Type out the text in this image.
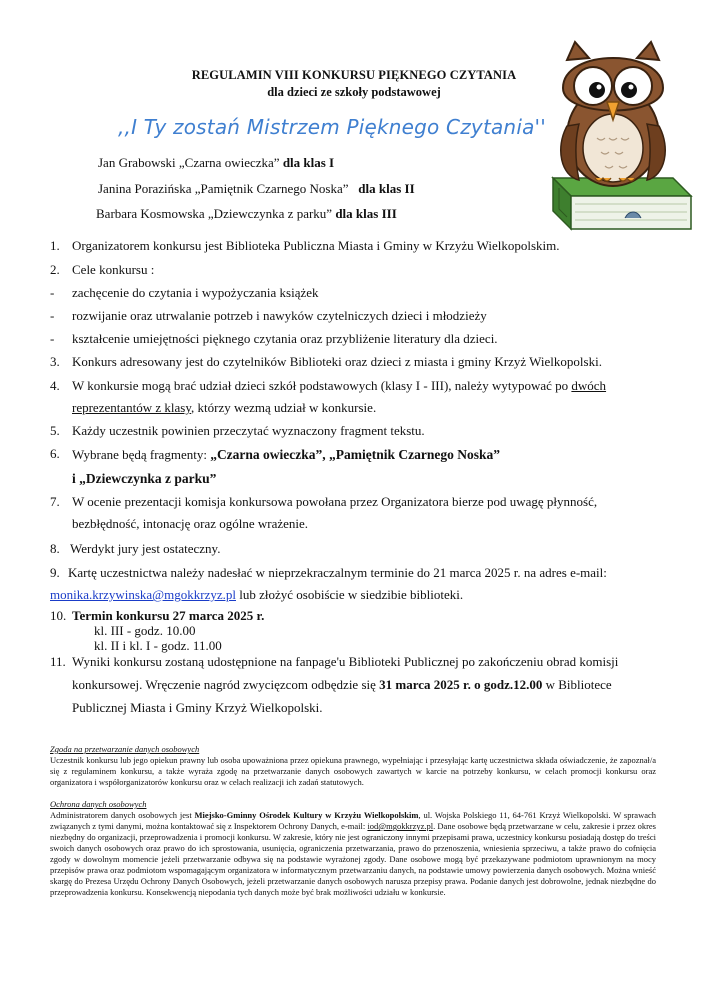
REGULAMIN VIII KONKURSU PIĘKNEGO CZYTANIA
dla dzieci ze szkoły podstawowej
,,I Ty zostań Mistrzem Pięknego Czytania''
Jan Grabowski „Czarna owieczka” dla klas I
Janina Porazińska „Pamiętnik Czarnego Noska” dla klas II
Barbara Kosmowska „Dziewczynka z parku” dla klas III
1. Organizatorem konkursu jest Biblioteka Publiczna Miasta i Gminy w Krzyżu Wielkopolskim.
2. Cele konkursu :
- zachęcenie do czytania i wypożyczania książek
- rozwijanie oraz utrwalanie potrzeb i nawyków czytelniczych dzieci i młodzieży
- kształcenie umiejętności pięknego czytania oraz przybliżenie literatury dla dzieci.
3. Konkurs adresowany jest do czytelników Biblioteki oraz dzieci z miasta i gminy Krzyż Wielkopolski.
4. W konkursie mogą brać udział dzieci szkół podstawowych (klasy I - III), należy wytypować po dwóch
reprezentantów z klasy, którzy wezmą udział w konkursie.
5. Każdy uczestnik powinien przeczytać wyznaczony fragment tekstu.
6. Wybrane będą fragmenty: „Czarna owieczka”, „Pamiętnik Czarnego Noska”
i „Dziewczynka z parku”
7. W ocenie prezentacji komisja konkursowa powołana przez Organizatora bierze pod uwagę płynność,
bezbłędność, intonację oraz ogólne wrażenie.
8. Werdykt jury jest ostateczny.
9. Kartę uczestnictwa należy nadesłać w nieprzekraczalnym terminie do 21 marca 2025 r. na adres e-mail:
monika.krzywinska@mgokkrzyz.pl lub złożyć osobiście w siedzibie biblioteki.
10. Termin konkursu 27 marca 2025 r.
kl. III - godz. 10.00
kl. II i kl. I - godz. 11.00
11. Wyniki konkursu zostaną udostępnione na fanpage'u Biblioteki Publicznej po zakończeniu obrad komisji
konkursowej. Wręczenie nagród zwycięzcom odbędzie się 31 marca 2025 r. o godz.12.00 w Bibliotece
Publicznej Miasta i Gminy Krzyż Wielkopolski.
Zgoda na przetwarzanie danych osobowych
Uczestnik konkursu lub jego opiekun prawny lub osoba upoważniona przez opiekuna prawnego, wypełniając i przesyłając kartę uczestnictwa składa oświadczenie, że zapoznał/a się z regulaminem konkursu, a także wyraża zgodę na przetwarzanie danych osobowych zawartych w karcie na potrzeby konkursu, w celach promocji konkursu oraz organizatora i współorganizatorów konkursu oraz w celach realizacji ich zadań statutowych.
Ochrona danych osobowych
Administratorem danych osobowych jest Miejsko-Gminny Ośrodek Kultury w Krzyżu Wielkopolskim, ul. Wojska Polskiego 11, 64-761 Krzyż Wielkopolski. W sprawach związanych z tymi danymi, można kontaktować się z Inspektorem Ochrony Danych, e-mail: iod@mgokkrzyz.pl. Dane osobowe będą przetwarzane w celu, zakresie i przez okres niezbędny do organizacji, przeprowadzenia i promocji konkursu. W zakresie, który nie jest ograniczony innymi przepisami prawa, uczestnicy konkursu posiadają dostęp do treści swoich danych osobowych oraz prawo do ich sprostowania, usunięcia, ograniczenia przetwarzania, prawo do przenoszenia, wniesienia sprzeciwu, a także prawo do cofnięcia zgody w dowolnym momencie jeżeli przetwarzanie odbywa się na podstawie wyrażonej zgody. Dane osobowe mogą być przekazywane podmiotom uprawnionym na mocy przepisów prawa oraz podmiotom wspomagającym organizatora w informatycznym przetwarzaniu danych, na podstawie umowy powierzenia danych osobowych. Można wnieść skargę do Prezesa Urzędu Ochrony Danych Osobowych, jeżeli przetwarzanie danych osobowych narusza przepisy prawa. Podanie danych jest dobrowolne, jednak niezbędne do przeprowadzenia konkursu. Konsekwencją niepodania tych danych może być brak możliwości udziału w konkursie.
